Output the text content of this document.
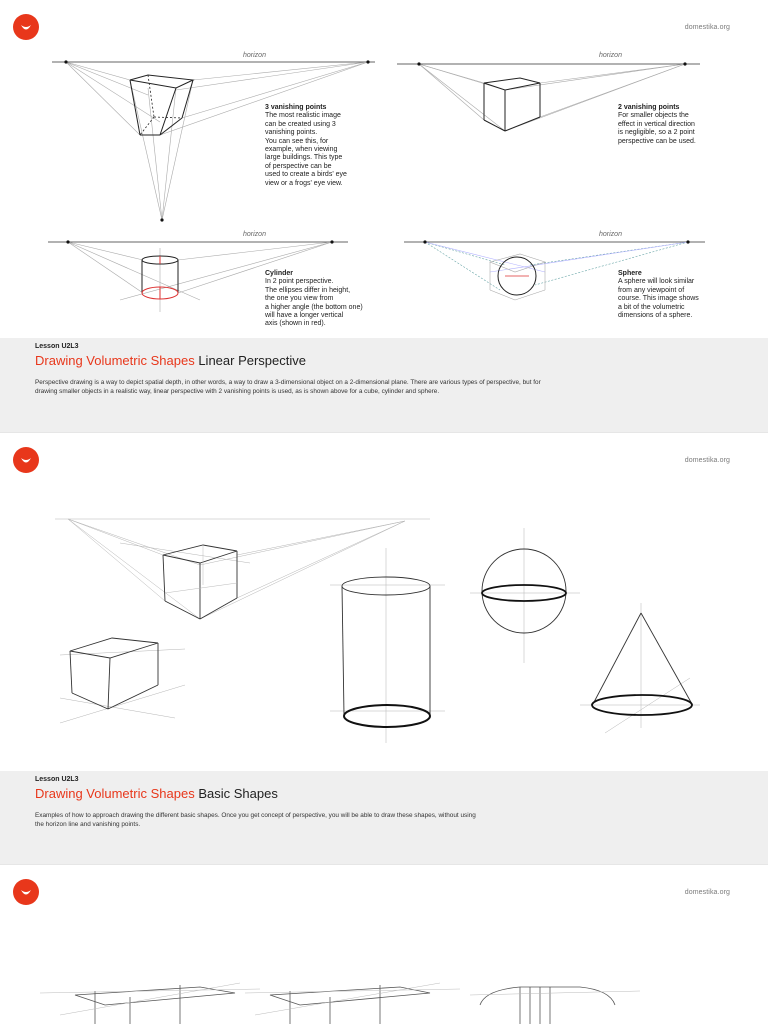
domestika.org
horizon	horizon
horizon	horizon
3 vanishing points
The most realistic image
can be created using 3
vanishing points.
You can see this, for
example, when viewing
large buildings. This type
of perspective can be
used to create a birds' eye
view or a frogs' eye view.
2 vanishing points
For smaller objects the
effect in vertical direction
is negligible, so a 2 point
perspective can be used.
Cylinder
In 2 point perspective.
The ellipses differ in height,
the one you view from
a higher angle (the bottom one)
will have a longer vertical
axis (shown in red).
Sphere
A sphere will look similar
from any viewpoint of
course. This image shows
a bit of the volumetric
dimensions of a sphere.
Lesson U2L3
Drawing Volumetric Shapes Linear Perspective
Perspective drawing is a way to depict spatial depth, in other words, a way to draw a 3-dimensional object on a 2-dimensional plane. There are various types of perspective, but for drawing smaller objects in a realistic way, linear perspective with 2 vanishing points is used, as is shown above for a cube, cylinder and sphere.
domestika.org
Lesson U2L3
Drawing Volumetric Shapes Basic Shapes
Examples of how to approach drawing the different basic shapes. Once you get concept of perspective, you will be able to draw these shapes, without using the horizon line and vanishing points.
domestika.org
